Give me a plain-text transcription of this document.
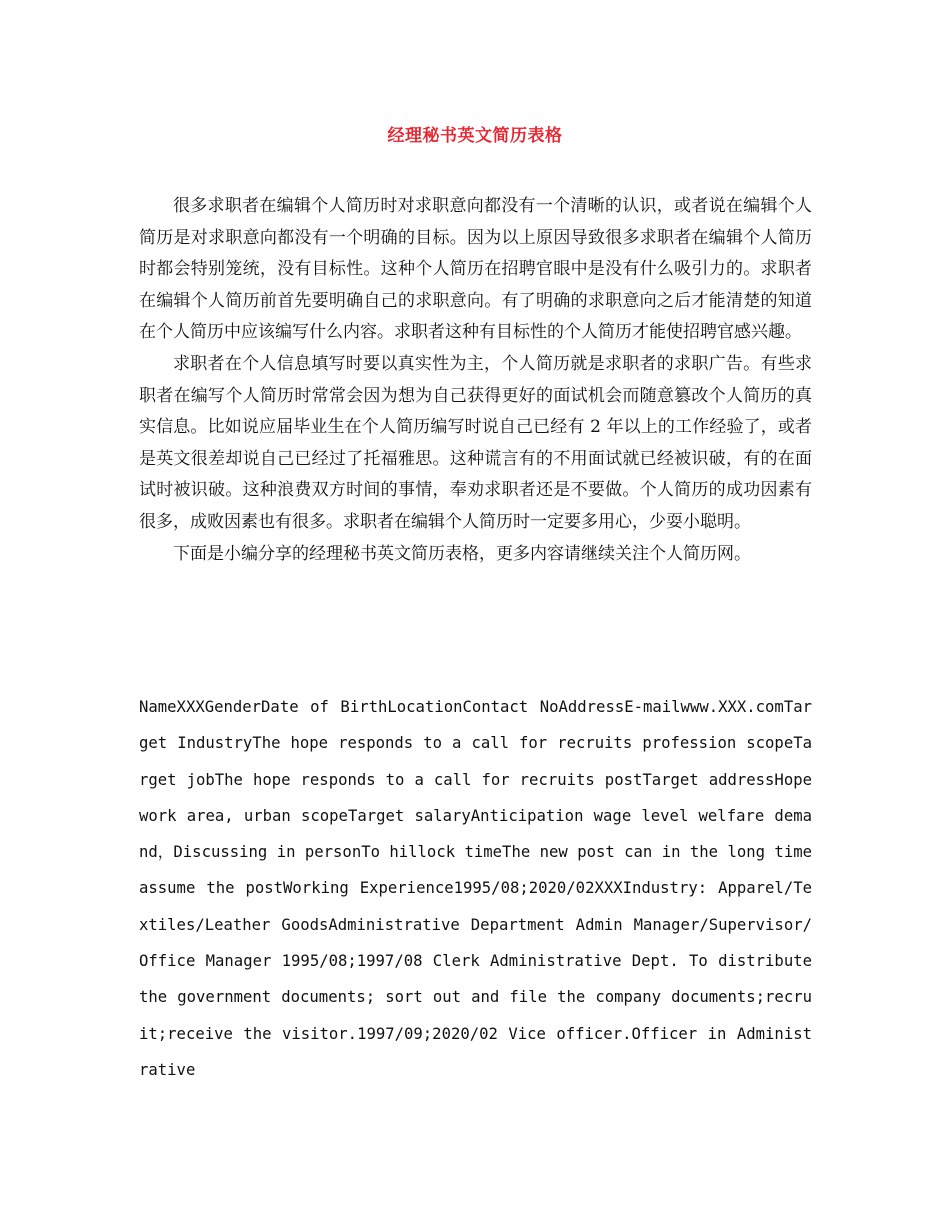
经理秘书英文简历表格

很多求职者在编辑个人简历时对求职意向都没有一个清晰的认识，或者说在编辑个人简历是对求职意向都没有一个明确的目标。因为以上原因导致很多求职者在编辑个人简历时都会特别笼统，没有目标性。这种个人简历在招聘官眼中是没有什么吸引力的。求职者在编辑个人简历前首先要明确自己的求职意向。有了明确的求职意向之后才能清楚的知道在个人简历中应该编写什么内容。求职者这种有目标性的个人简历才能使招聘官感兴趣。

求职者在个人信息填写时要以真实性为主，个人简历就是求职者的求职广告。有些求职者在编写个人简历时常常会因为想为自己获得更好的面试机会而随意篡改个人简历的真实信息。比如说应届毕业生在个人简历编写时说自己已经有 2 年以上的工作经验了，或者是英文很差却说自己已经过了托福雅思。这种谎言有的不用面试就已经被识破，有的在面试时被识破。这种浪费双方时间的事情，奉劝求职者还是不要做。个人简历的成功因素有很多，成败因素也有很多。求职者在编辑个人简历时一定要多用心，少耍小聪明。

下面是小编分享的经理秘书英文简历表格，更多内容请继续关注个人简历网。

NameXXXGenderDate of BirthLocationContact NoAddressE-mailwww.XXX.comTarget IndustryThe hope responds to a call for recruits profession scopeTarget jobThe hope responds to a call for recruits postTarget addressHope work area, urban scopeTarget salaryAnticipation wage level welfare demand，Discussing in personTo hillock timeThe new post can in the long time assume the postWorking Experience1995/08;2020/02XXXIndustry: Apparel/Textiles/Leather GoodsAdministrative Department Admin Manager/Supervisor/Office Manager 1995/08;1997/08 Clerk Administrative Dept. To distribute the government documents; sort out and file the company documents;recruit;receive the visitor.1997/09;2020/02 Vice officer.Officer in Administrative
